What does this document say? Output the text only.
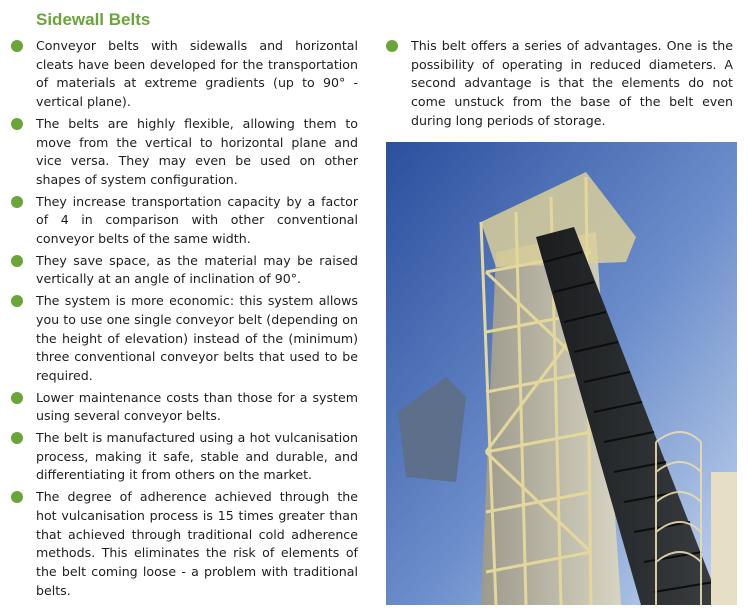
Sidewall Belts
Conveyor belts with sidewalls and horizontal cleats have been developed for the transportation of materials at extreme gradients (up to 90° - vertical plane).
The belts are highly flexible, allowing them to move from the vertical to horizontal plane and vice versa. They may even be used on other shapes of system configuration.
They increase transportation capacity by a factor of 4 in comparison with other conventional conveyor belts of the same width.
They save space, as the material may be raised vertically at an angle of inclination of 90°.
The system is more economic: this system allows you to use one single conveyor belt (depending on the height of elevation) instead of the (minimum) three conventional conveyor belts that used to be required.
Lower maintenance costs than those for a system using several conveyor belts.
The belt is manufactured using a hot vulcanisation process, making it safe, stable and durable, and differentiating it from others on the market.
The degree of adherence achieved through the hot vulcanisation process is 15 times greater than that achieved through traditional cold adherence methods. This eliminates the risk of elements of the belt coming loose - a problem with traditional belts.
This belt offers a series of advantages. One is the possibility of operating in reduced diameters. A second advantage is that the elements do not come unstuck from the base of the belt even during long periods of storage.
